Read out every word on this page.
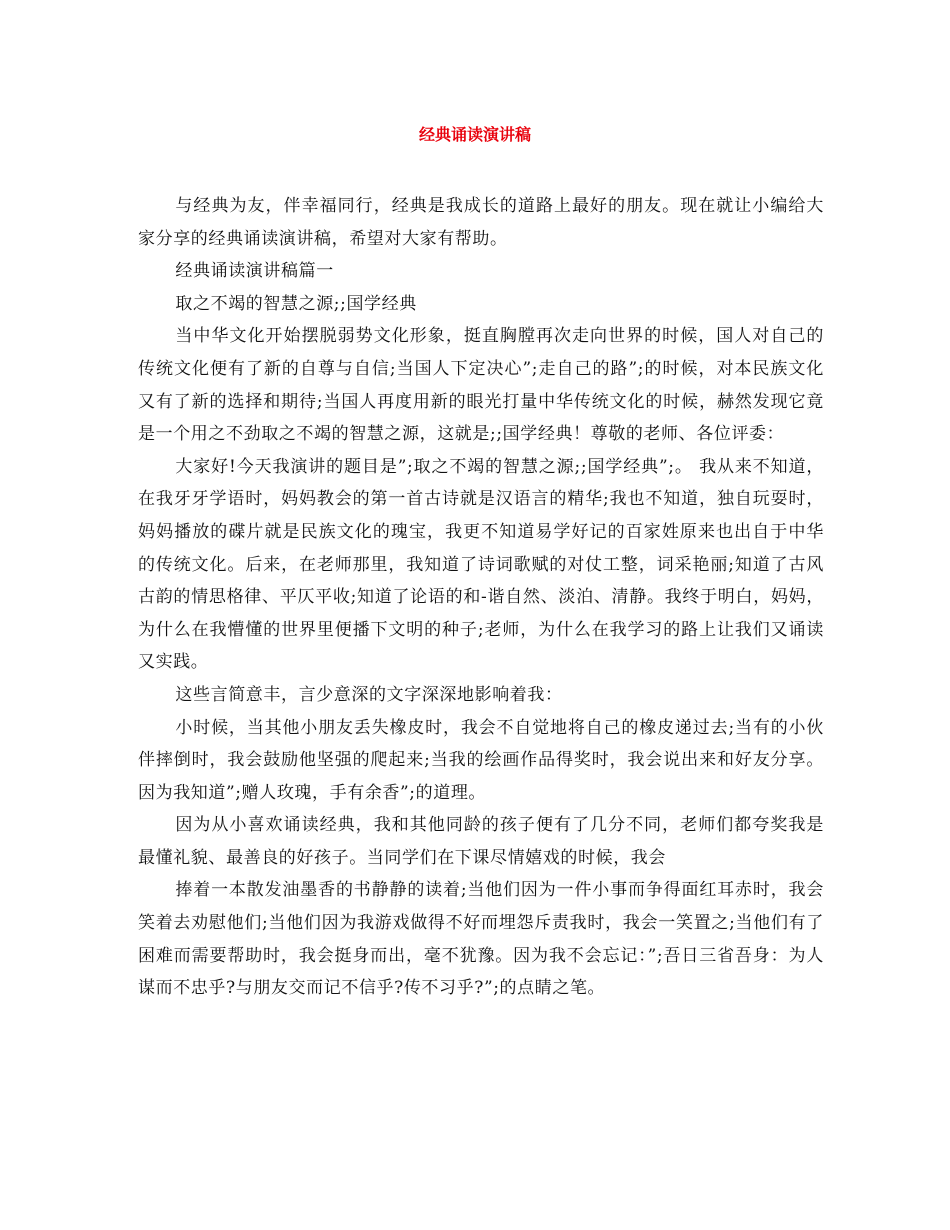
经典诵读演讲稿

与经典为友，伴幸福同行，经典是我成长的道路上最好的朋友。现在就让小编给大家分享的经典诵读演讲稿，希望对大家有帮助。

经典诵读演讲稿篇一

取之不竭的智慧之源;;国学经典

当中华文化开始摆脱弱势文化形象，挺直胸膛再次走向世界的时候，国人对自己的传统文化便有了新的自尊与自信;当国人下定决心”;走自己的路”;的时候，对本民族文化又有了新的选择和期待;当国人再度用新的眼光打量中华传统文化的时候，赫然发现它竟是一个用之不劲取之不竭的智慧之源，这就是;;国学经典！尊敬的老师、各位评委：

大家好!今天我演讲的题目是”;取之不竭的智慧之源;;国学经典”;。 我从来不知道，在我牙牙学语时，妈妈教会的第一首古诗就是汉语言的精华;我也不知道，独自玩耍时，妈妈播放的碟片就是民族文化的瑰宝，我更不知道易学好记的百家姓原来也出自于中华的传统文化。后来，在老师那里，我知道了诗词歌赋的对仗工整，词采艳丽;知道了古风古韵的情思格律、平仄平收;知道了论语的和-谐自然、淡泊、清静。我终于明白，妈妈，为什么在我懵懂的世界里便播下文明的种子;老师，为什么在我学习的路上让我们又诵读又实践。

这些言简意丰，言少意深的文字深深地影响着我：

小时候，当其他小朋友丢失橡皮时，我会不自觉地将自己的橡皮递过去;当有的小伙伴摔倒时，我会鼓励他坚强的爬起来;当我的绘画作品得奖时，我会说出来和好友分享。因为我知道”;赠人玫瑰，手有余香”;的道理。

因为从小喜欢诵读经典，我和其他同龄的孩子便有了几分不同，老师们都夸奖我是最懂礼貌、最善良的好孩子。当同学们在下课尽情嬉戏的时候，我会

捧着一本散发油墨香的书静静的读着;当他们因为一件小事而争得面红耳赤时，我会笑着去劝慰他们;当他们因为我游戏做得不好而埋怨斥责我时，我会一笑置之;当他们有了困难而需要帮助时，我会挺身而出，毫不犹豫。因为我不会忘记：”;吾日三省吾身：为人谋而不忠乎?与朋友交而记不信乎?传不习乎?”;的点睛之笔。
